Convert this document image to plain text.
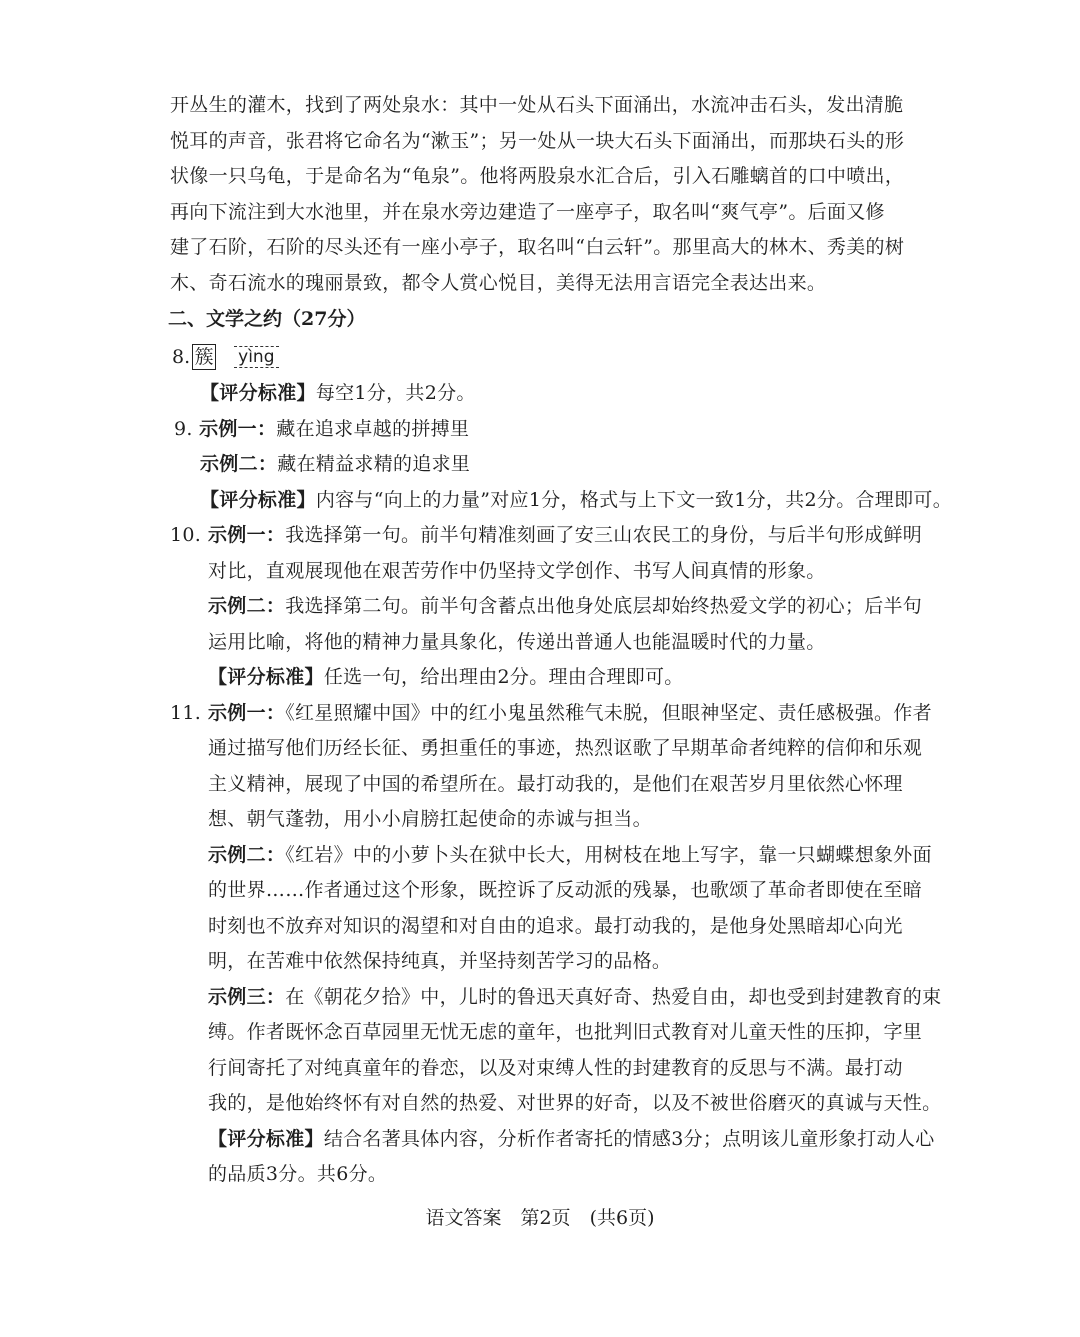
开丛生的灌木，找到了两处泉水：其中一处从石头下面涌出，水流冲击石头，发出清脆
悦耳的声音，张君将它命名为“漱玉”；另一处从一块大石头下面涌出，而那块石头的形
状像一只乌龟，于是命名为“龟泉”。他将两股泉水汇合后，引入石雕螭首的口中喷出，
再向下流注到大水池里，并在泉水旁边建造了一座亭子，取名叫“爽气亭”。后面又修
建了石阶，石阶的尽头还有一座小亭子，取名叫“白云轩”。那里高大的林木、秀美的树
木、奇石流水的瑰丽景致，都令人赏心悦目，美得无法用言语完全表达出来。
二、文学之约（27分）
8. 簇 yìng
【评分标准】每空1分，共2分。
9. 示例一：藏在追求卓越的拼搏里
示例二：藏在精益求精的追求里
【评分标准】内容与“向上的力量”对应1分，格式与上下文一致1分，共2分。合理即可。
10. 示例一：我选择第一句。前半句精准刻画了安三山农民工的身份，与后半句形成鲜明
对比，直观展现他在艰苦劳作中仍坚持文学创作、书写人间真情的形象。
示例二：我选择第二句。前半句含蓄点出他身处底层却始终热爱文学的初心；后半句
运用比喻，将他的精神力量具象化，传递出普通人也能温暖时代的力量。
【评分标准】任选一句，给出理由2分。理由合理即可。
11. 示例一：《红星照耀中国》中的红小鬼虽然稚气未脱，但眼神坚定、责任感极强。作者
通过描写他们历经长征、勇担重任的事迹，热烈讴歌了早期革命者纯粹的信仰和乐观
主义精神，展现了中国的希望所在。最打动我的，是他们在艰苦岁月里依然心怀理
想、朝气蓬勃，用小小肩膀扛起使命的赤诚与担当。
示例二：《红岩》中的小萝卜头在狱中长大，用树枝在地上写字，靠一只蝴蝶想象外面
的世界……作者通过这个形象，既控诉了反动派的残暴，也歌颂了革命者即使在至暗
时刻也不放弃对知识的渴望和对自由的追求。最打动我的，是他身处黑暗却心向光
明，在苦难中依然保持纯真，并坚持刻苦学习的品格。
示例三：在《朝花夕拾》中，儿时的鲁迅天真好奇、热爱自由，却也受到封建教育的束
缚。作者既怀念百草园里无忧无虑的童年，也批判旧式教育对儿童天性的压抑，字里
行间寄托了对纯真童年的眷恋，以及对束缚人性的封建教育的反思与不满。最打动
我的，是他始终怀有对自然的热爱、对世界的好奇，以及不被世俗磨灭的真诚与天性。
【评分标准】结合名著具体内容，分析作者寄托的情感3分；点明该儿童形象打动人心
的品质3分。共6分。
语文答案　第2页　(共6页)
